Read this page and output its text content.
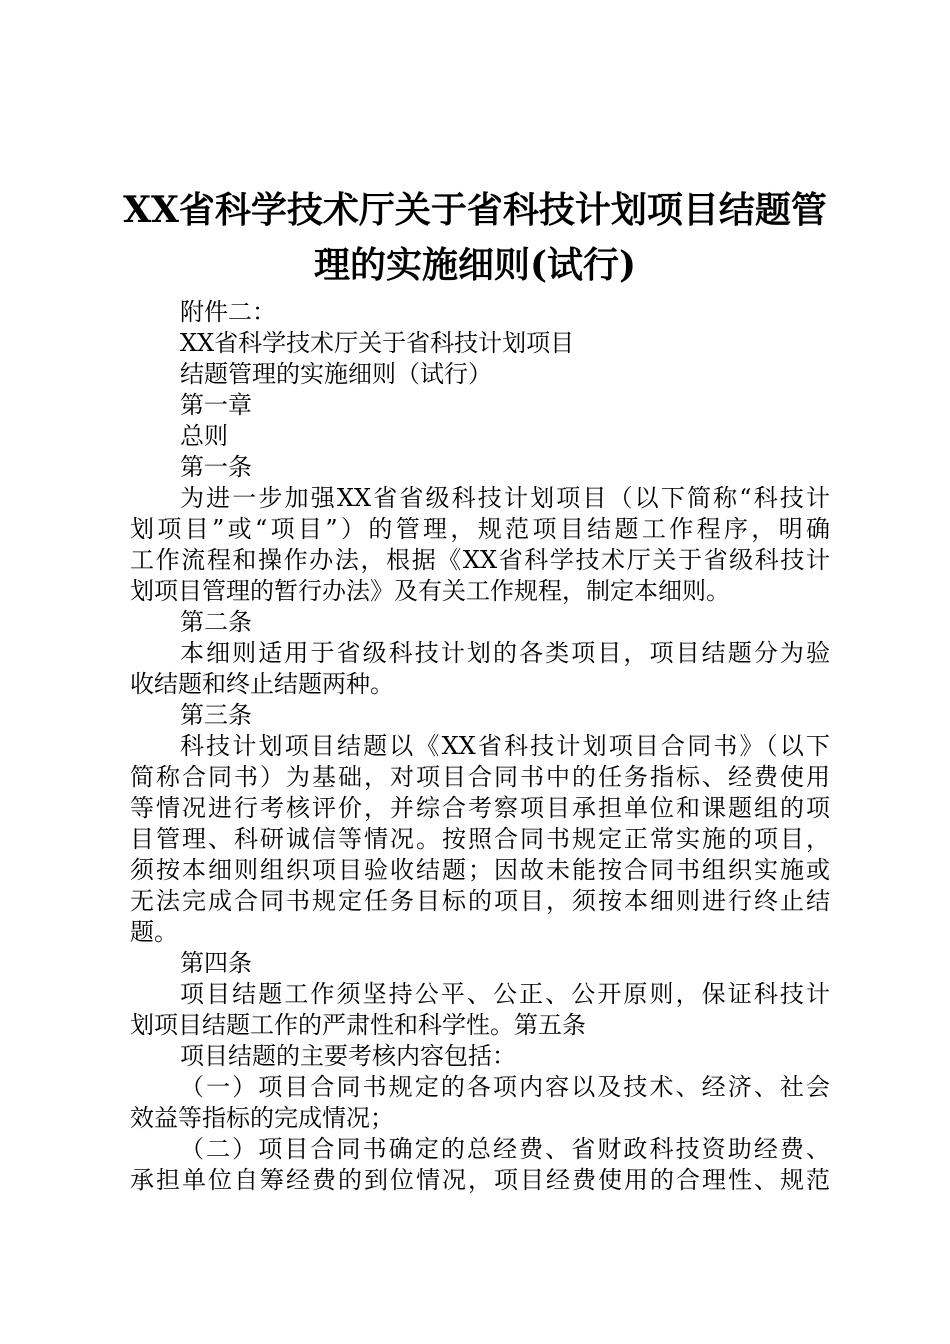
XX省科学技术厅关于省科技计划项目结题管
理的实施细则(试行)
附件二：
XX省科学技术厅关于省科技计划项目
结题管理的实施细则（试行）
第一章
总则
第一条
为进一步加强XX省省级科技计划项目（以下简称“科技计
划项目”或“项目”）的管理，规范项目结题工作程序，明确
工作流程和操作办法，根据《XX省科学技术厅关于省级科技计
划项目管理的暂行办法》及有关工作规程，制定本细则。
第二条
本细则适用于省级科技计划的各类项目，项目结题分为验
收结题和终止结题两种。
第三条
科技计划项目结题以《XX省科技计划项目合同书》（以下
简称合同书）为基础，对项目合同书中的任务指标、经费使用
等情况进行考核评价，并综合考察项目承担单位和课题组的项
目管理、科研诚信等情况。按照合同书规定正常实施的项目，
须按本细则组织项目验收结题；因故未能按合同书组织实施或
无法完成合同书规定任务目标的项目，须按本细则进行终止结
题。
第四条
项目结题工作须坚持公平、公正、公开原则，保证科技计
划项目结题工作的严肃性和科学性。第五条
项目结题的主要考核内容包括：
（一）项目合同书规定的各项内容以及技术、经济、社会
效益等指标的完成情况；
（二）项目合同书确定的总经费、省财政科技资助经费、
承担单位自筹经费的到位情况，项目经费使用的合理性、规范
